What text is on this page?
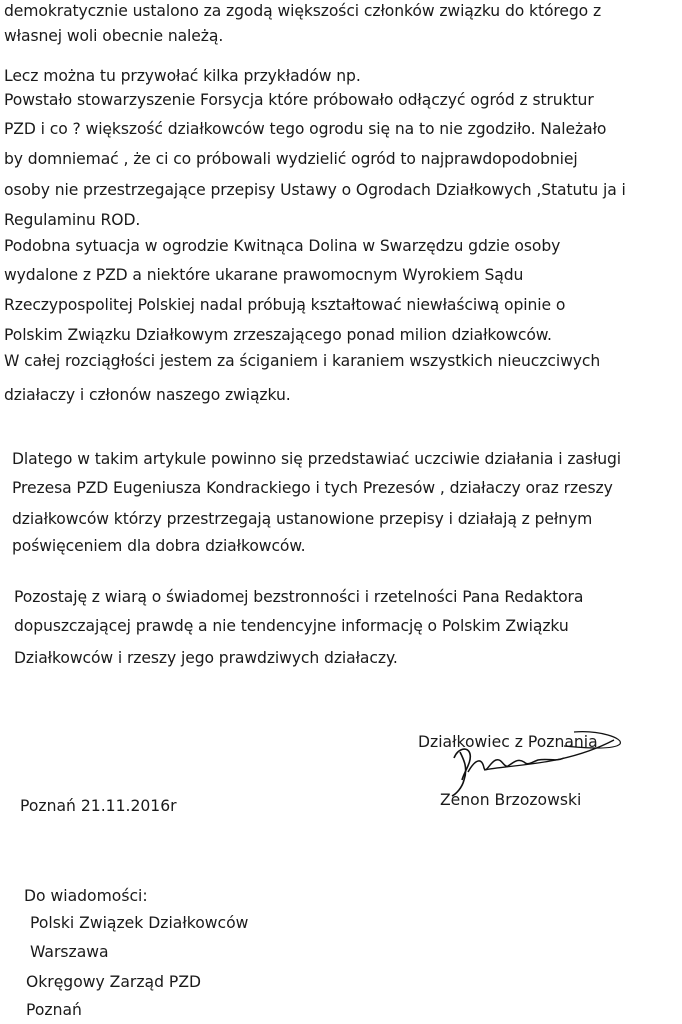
demokratycznie ustalono za zgodą większości członków związku do którego z
własnej woli obecnie należą.
Lecz można tu przywołać kilka przykładów np.
Powstało stowarzyszenie Forsycja które próbowało odłączyć ogród z struktur
PZD i co ? większość działkowców tego ogrodu się na to nie zgodziło. Należało
by domniemać , że ci co próbowali wydzielić ogród to najprawdopodobniej
osoby nie przestrzegające przepisy Ustawy o Ogrodach Działkowych ,Statutu ja i
Regulaminu ROD.
Podobna sytuacja w ogrodzie Kwitnąca Dolina w Swarzędzu gdzie osoby
wydalone z PZD a niektóre ukarane prawomocnym Wyrokiem Sądu
Rzeczypospolitej Polskiej nadal próbują kształtować niewłaściwą opinie o
Polskim Związku Działkowym zrzeszającego ponad milion działkowców.
W całej rozciągłości jestem za ściganiem i karaniem wszystkich nieuczciwych
działaczy i członów naszego związku.
Dlatego w takim artykule powinno się przedstawiać uczciwie działania i zasługi
Prezesa PZD Eugeniusza Kondrackiego i tych Prezesów , działaczy oraz rzeszy
działkowców którzy przestrzegają ustanowione przepisy i działają z pełnym
poświęceniem dla dobra działkowców.
Pozostaję z wiarą o świadomej bezstronności i rzetelności Pana Redaktora
dopuszczającej prawdę a nie tendencyjne informację o Polskim Związku
Działkowców i rzeszy jego prawdziwych działaczy.
Działkowiec z Poznania
Zenon Brzozowski
Poznań 21.11.2016r
Do wiadomości:
Polski Związek Działkowców
Warszawa
Okręgowy Zarząd PZD
Poznań
